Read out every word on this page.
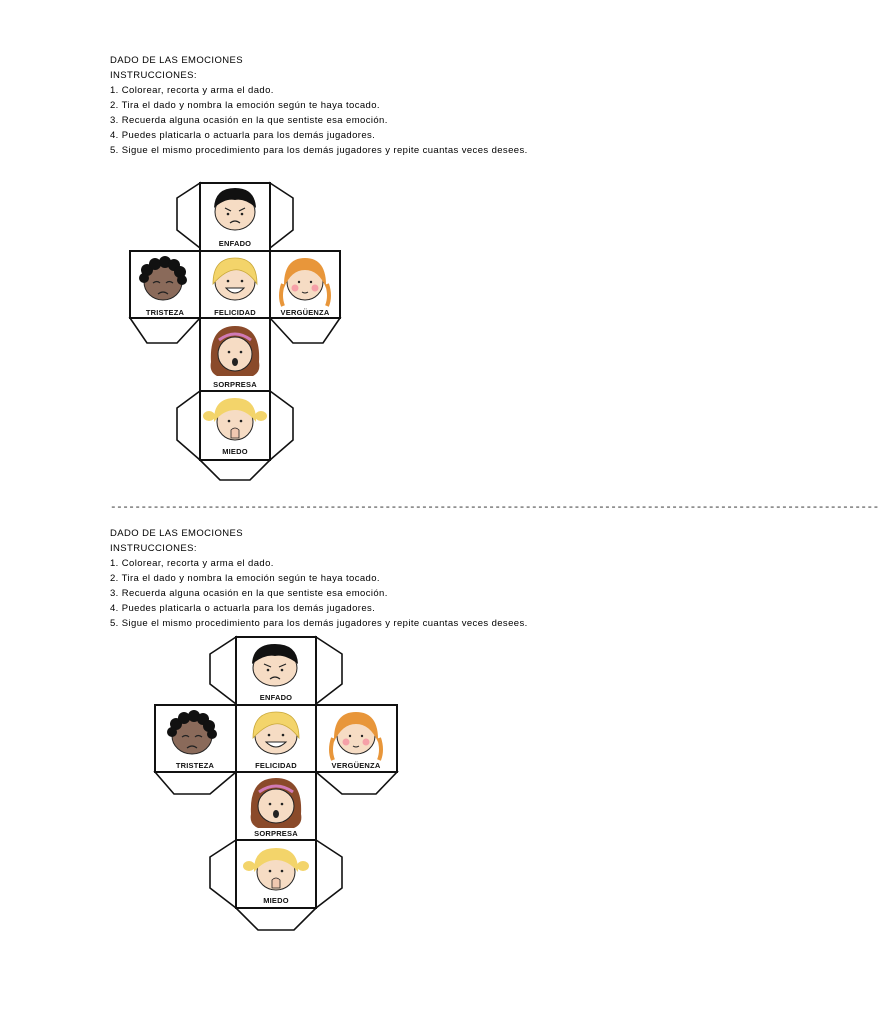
DADO DE LAS EMOCIONES
INSTRUCCIONES:
1. Colorear, recorta y arma el dado.
2. Tira el dado y nombra la emoción según te haya tocado.
3. Recuerda alguna ocasión en la que sentiste esa emoción.
4. Puedes platicarla o actuarla para los demás jugadores.
5. Sigue el mismo procedimiento para los demás jugadores y repite cuantas veces desees.
ENFADO
TRISTEZA	FELICIDAD	VERGÜENZA
SORPRESA
MIEDO
------------------------------------------------------------------------------------------------------------------------------
DADO DE LAS EMOCIONES
INSTRUCCIONES:
1. Colorear, recorta y arma el dado.
2. Tira el dado y nombra la emoción según te haya tocado.
3. Recuerda alguna ocasión en la que sentiste esa emoción.
4. Puedes platicarla o actuarla para los demás jugadores.
5. Sigue el mismo procedimiento para los demás jugadores y repite cuantas veces desees.
ENFADO
TRISTEZA	FELICIDAD	VERGÜENZA
SORPRESA
MIEDO
